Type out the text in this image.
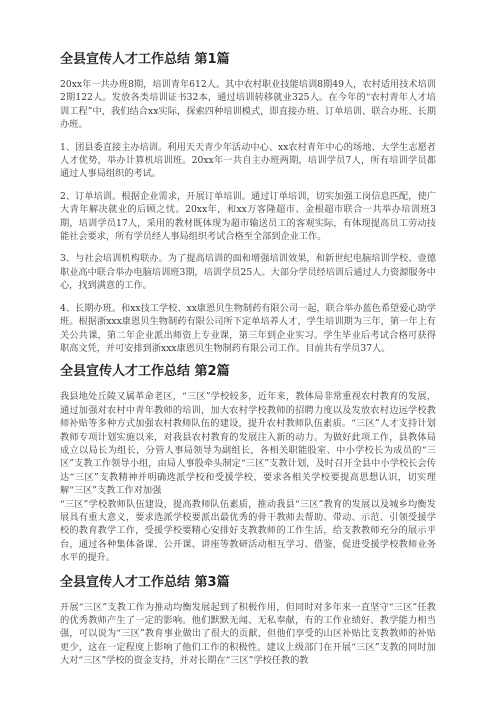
全县宣传人才工作总结 第1篇

20xx年一共办班8期，培训青年612人。其中农村职业技能培训8期49人，农村适用技术培训2期122人。发放各类培训证书32本，通过培训转移就业325人。在今年的“农村青年人才培训工程”中，我们结合xx实际，探索四种培训模式，即直接办班、订单培训、联合办班、长期办班。

1、团县委直接主办培训。利用天天青少年活动中心、xx农村青年中心的场地、大学生志愿者人才优势，举办计算机培训班。20xx年一共自主办班两期，培训学员7人，所有培训学员都通过人事局组织的考试。

2、订单培训。根据企业需求，开展订单培训。通过订单培训，切实加强工岗信息匹配，使广大青年解决就业的后顾之忧。20xx年，和xx万客隆超市、金根超市联合一共举办培训班3期，培训学员17人，采用的教材既体现为超市输送员工的客观实际，有体现提高员工劳动技能社会要求，所有学员经人事局组织考试合格至全部到企业工作。

3、与社会培训机构联办。为了提高培训的面和增强培训效果，和新世纪电脑培训学校、壹德职业高中联合举办电脑培训班3期，培训学员25人。大部分学员经培训后通过人力资源服务中心，找到满意的工作。

4、长期办班。和xx技工学校、xx康恩贝生物制药有限公司一起，联合举办蓝色希望爱心助学班。根据浙xxx康恩贝生物制药有限公司所下定单培养人才，学生培训期为三年，第一年上有关公共课，第二年企业派出师资上专业课，第三年到企业实习。学生毕业后考试合格可获得职高文凭，并可安排到浙xxx康恩贝生物制药有限公司工作。目前共有学员37人。

全县宣传人才工作总结 第2篇

我县地处丘陵又属革命老区，“三区”学校较多，近年来，教体局非常重视农村教育的发展，通过加强对农村中青年教师的培训，加大农村学校教师的招聘力度以及发放农村边远学校教师补贴等多种方式加强农村教师队伍的建设，提升农村教师队伍素质。“三区”人才支持计划教师专项计划实施以来，对我县农村教育的发展注入新的动力。为做好此项工作，县教体局成立以局长为组长，分管人事局领导为副组长，各相关职能股室、中小学校长为成员的“三区”支教工作领导小组，由局人事股牵头制定“三区”支教计划，及时召开全县中小学校长会传达“三区”支教精神并明确选派学校和受援学校，要求各相关学校要提高思想认识，切实理解“三区”支教工作对加强

“三区”学校教师队伍建设，提高教师队伍素质，推动我县“三区”教育的发展以及城乡均衡发展具有重大意义，要求选派学校要派出最优秀的骨干教师去帮助、带动、示范、引领受援学校的教育教学工作，受援学校要精心安排好支教教师的工作生活，给支教教师充分的展示平台，通过各种集体备课、公开课、讲座等教研活动相互学习、借鉴，促进受援学校教师业务水平的提升。

全县宣传人才工作总结 第3篇

开展“三区”支教工作为推动均衡发展起到了积极作用，但同时对多年来一直坚守“三区”任教的优秀教师产生了一定的影响。他们默默无闻、无私奉献，有的工作业绩好、教学能力相当强，可以说为“三区”教育事业做出了很大的贡献，但他们享受的山区补贴比支教教师的补贴更少，这在一定程度上影响了他们工作的积极性。建议上级部门在开展“三区”支教的同时加大对“三区”学校的资金支持，并对长期在“三区”学校任教的教
